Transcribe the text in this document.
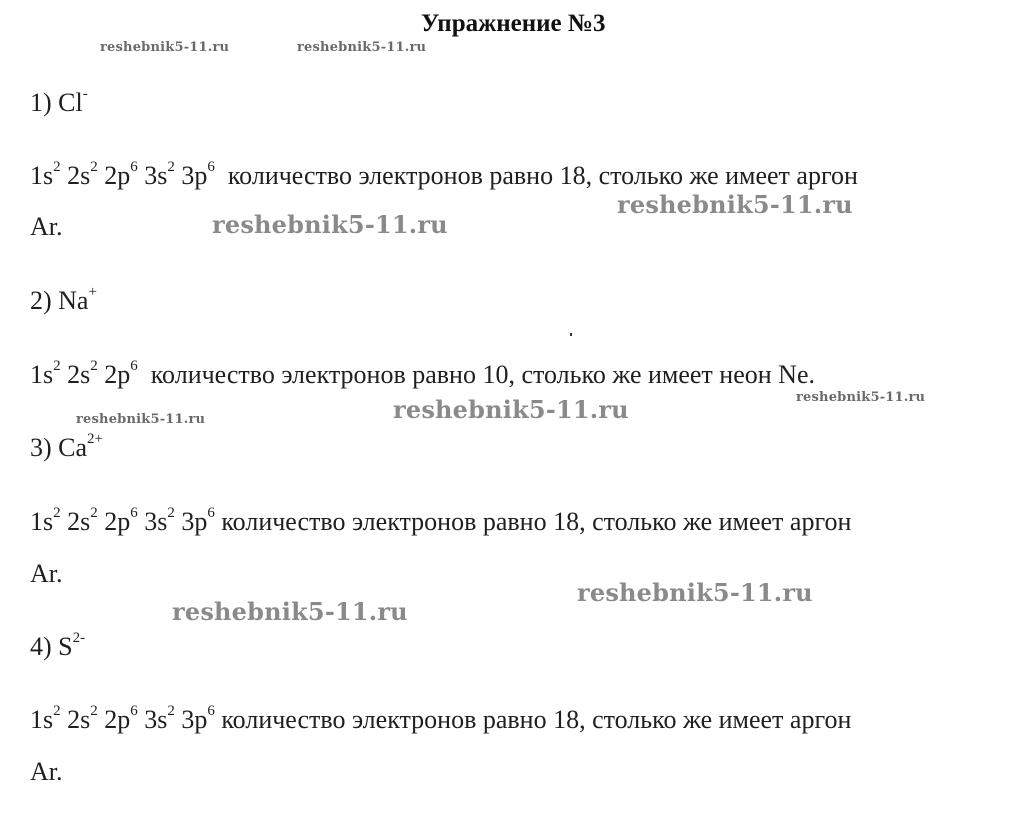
Упражнение №3
reshebnik5-11.ru	reshebnik5-11.ru
reshebnik5-11.ru
reshebnik5-11.ru
reshebnik5-11.ru
reshebnik5-11.ru
reshebnik5-11.ru
reshebnik5-11.ru
reshebnik5-11.ru
1) Cl-
$1s^2$ $2s^2$ $2p^6$ $3s^2$ $3p^6$ количество электронов равно 18, столько же имеет аргон
Ar.
2) Na+
$1s^2$ $2s^2$ $2p^6$ количество электронов равно 10, столько же имеет неон Ne.
3) $Ca^{2+}$
$1s^2$ $2s^2$ $2p^6$ $3s^2$ $3p^6$ количество электронов равно 18, столько же имеет аргон
Ar.
4) $S^{2-}$
$1s^2$ $2s^2$ $2p^6$ $3s^2$ $3p^6$ количество электронов равно 18, столько же имеет аргон
Ar.
